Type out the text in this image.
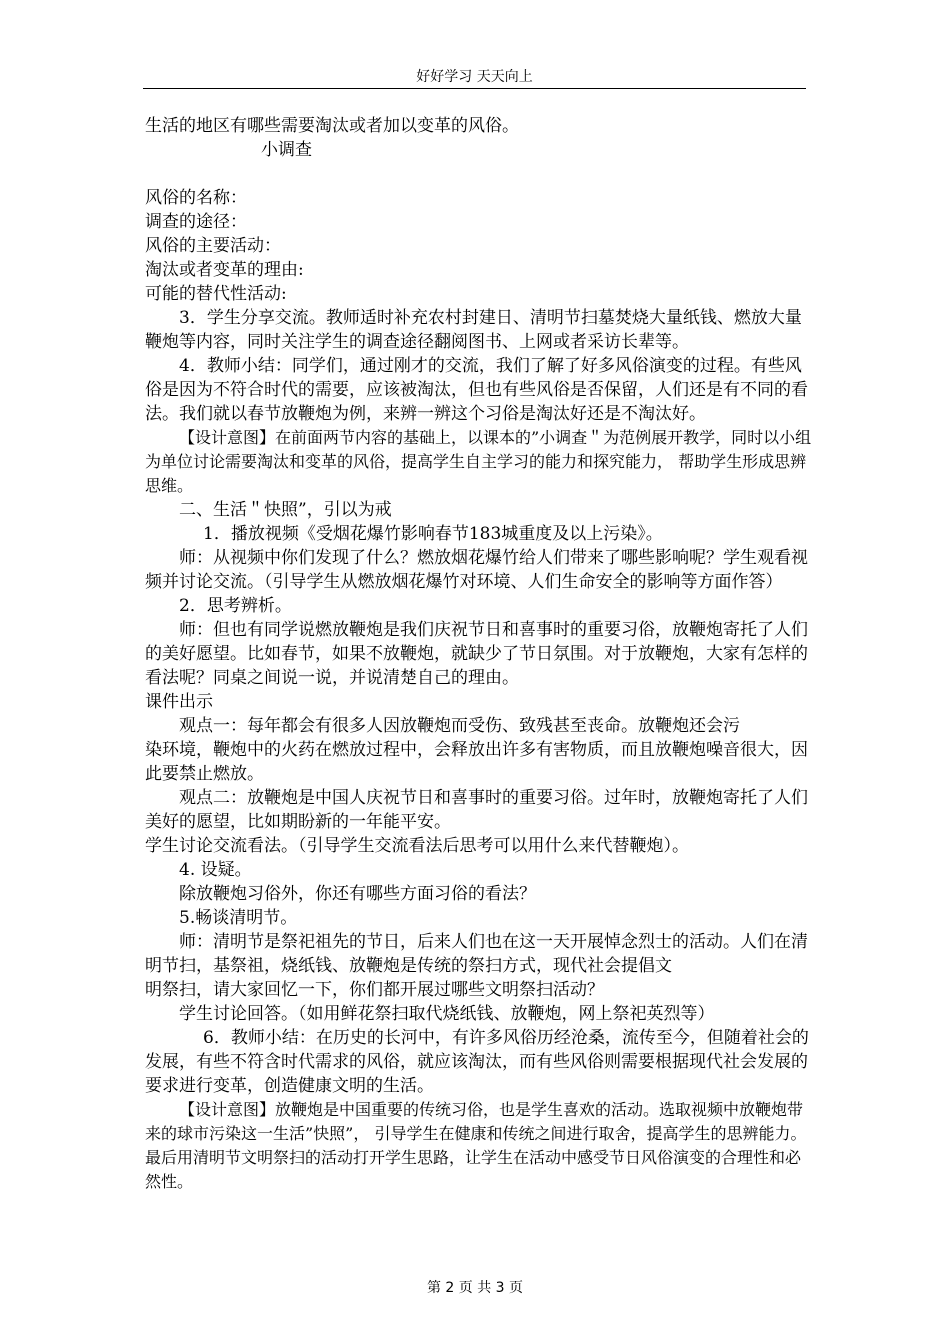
好好学习 天天向上

生活的地区有哪些需要淘汰或者加以变革的风俗。

小调查

风俗的名称：

调查的途径：

风俗的主要活动：

淘汰或者变革的理由:

可能的替代性活动:

3．学生分享交流。教师适时补充农村封建日、清明节扫墓焚烧大量纸钱、燃放大量鞭炮等内容，同时关注学生的调查途径翻阅图书、上网或者采访长辈等。

4．教师小结：同学们，通过刚才的交流，我们了解了好多风俗演变的过程。有些风俗是因为不符合时代的需要，应该被淘汰，但也有些风俗是否保留，人们还是有不同的看法。我们就以春节放鞭炮为例，来辨一辨这个习俗是淘汰好还是不淘汰好。

【设计意图】在前面两节内容的基础上，以课本的”小调查＂为范例展开教学，同时以小组为单位讨论需要淘汰和变革的风俗，提高学生自主学习的能力和探究能力， 帮助学生形成思辨思维。

二、生活＂快照”，引以为戒

1．播放视频《受烟花爆竹影响春节183城重度及以上污染》。

师：从视频中你们发现了什么？燃放烟花爆竹给人们带来了哪些影响呢？学生观看视频并讨论交流。（引导学生从燃放烟花爆竹对环境、人们生命安全的影响等方面作答）

2．思考辨析。

师：但也有同学说燃放鞭炮是我们庆祝节日和喜事时的重要习俗，放鞭炮寄托了人们的美好愿望。比如春节，如果不放鞭炮，就缺少了节日氛围。对于放鞭炮，大家有怎样的看法呢？同桌之间说一说，并说清楚自己的理由。

课件出示

观点一：每年都会有很多人因放鞭炮而受伤、致残甚至丧命。放鞭炮还会污

染环境，鞭炮中的火药在燃放过程中，会释放出许多有害物质，而且放鞭炮噪音很大，因此要禁止燃放。

观点二：放鞭炮是中国人庆祝节日和喜事时的重要习俗。过年时，放鞭炮寄托了人们美好的愿望，比如期盼新的一年能平安。

学生讨论交流看法。（引导学生交流看法后思考可以用什么来代替鞭炮）。

4. 设疑。

除放鞭炮习俗外，你还有哪些方面习俗的看法？

5.畅谈清明节。

师：清明节是祭祀祖先的节日，后来人们也在这一天开展悼念烈士的活动。人们在清明节扫，基祭祖，烧纸钱、放鞭炮是传统的祭扫方式，现代社会提倡文

明祭扫，请大家回忆一下，你们都开展过哪些文明祭扫活动？

学生讨论回答。（如用鲜花祭扫取代烧纸钱、放鞭炮，网上祭祀英烈等）

6．教师小结：在历史的长河中，有许多风俗历经沧桑，流传至今，但随着社会的发展，有些不符含时代需求的风俗，就应该淘汰，而有些风俗则需要根据现代社会发展的要求进行变革，创造健康文明的生活。

【设计意图】放鞭炮是中国重要的传统习俗，也是学生喜欢的活动。选取视频中放鞭炮带来的球市污染这一生活”快照”， 引导学生在健康和传统之间进行取舍，提高学生的思辨能力。最后用清明节文明祭扫的活动打开学生思路，让学生在活动中感受节日风俗演变的合理性和必然性。

第 2 页 共 3 页
